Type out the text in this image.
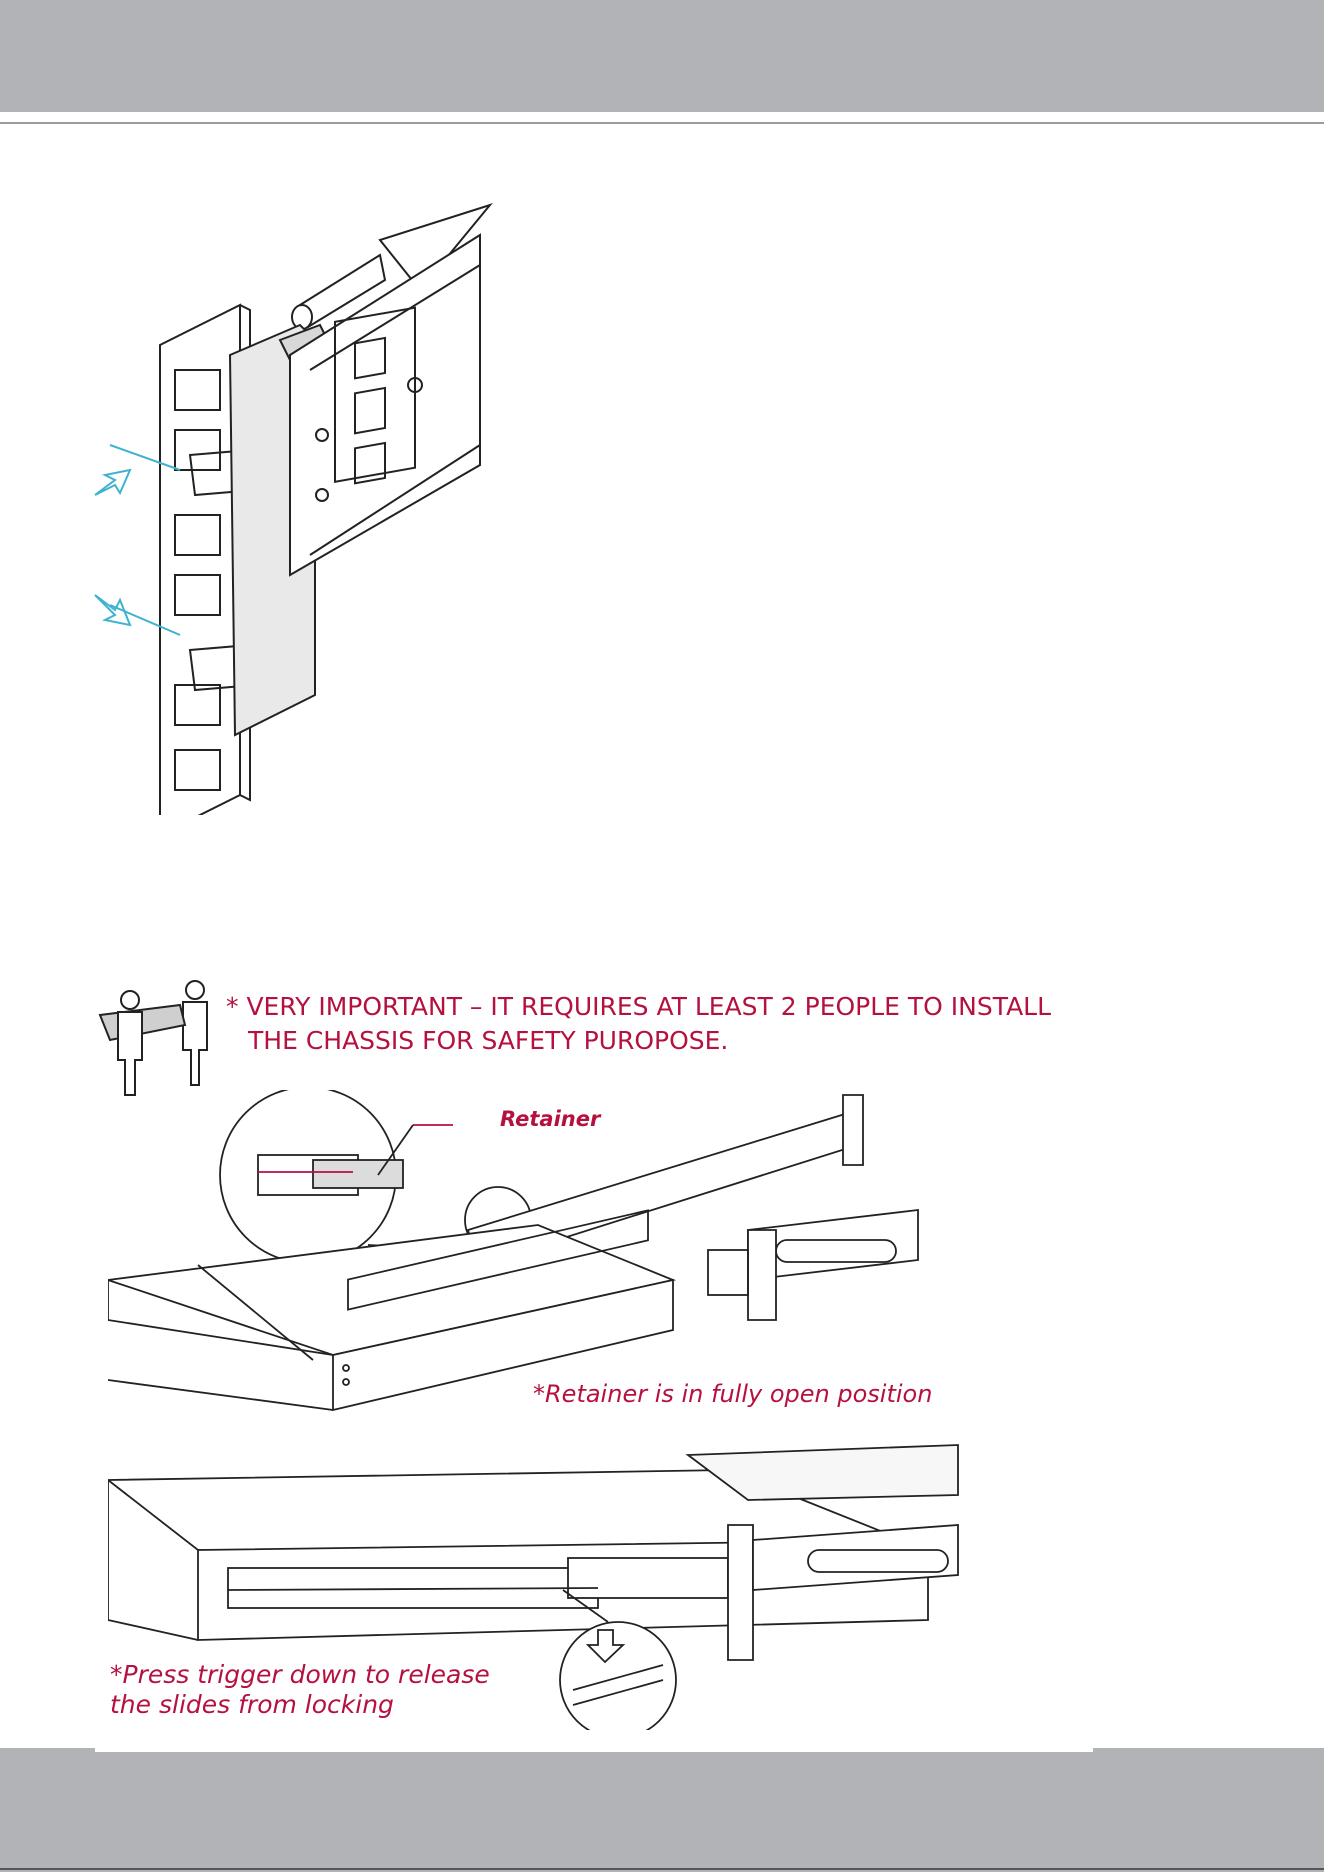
* VERY IMPORTANT – IT REQUIRES AT LEAST 2 PEOPLE TO INSTALL
THE CHASSIS FOR SAFETY PUROPOSE.
Retainer
*Retainer is in fully open position
*Press trigger down to release
the slides from locking
